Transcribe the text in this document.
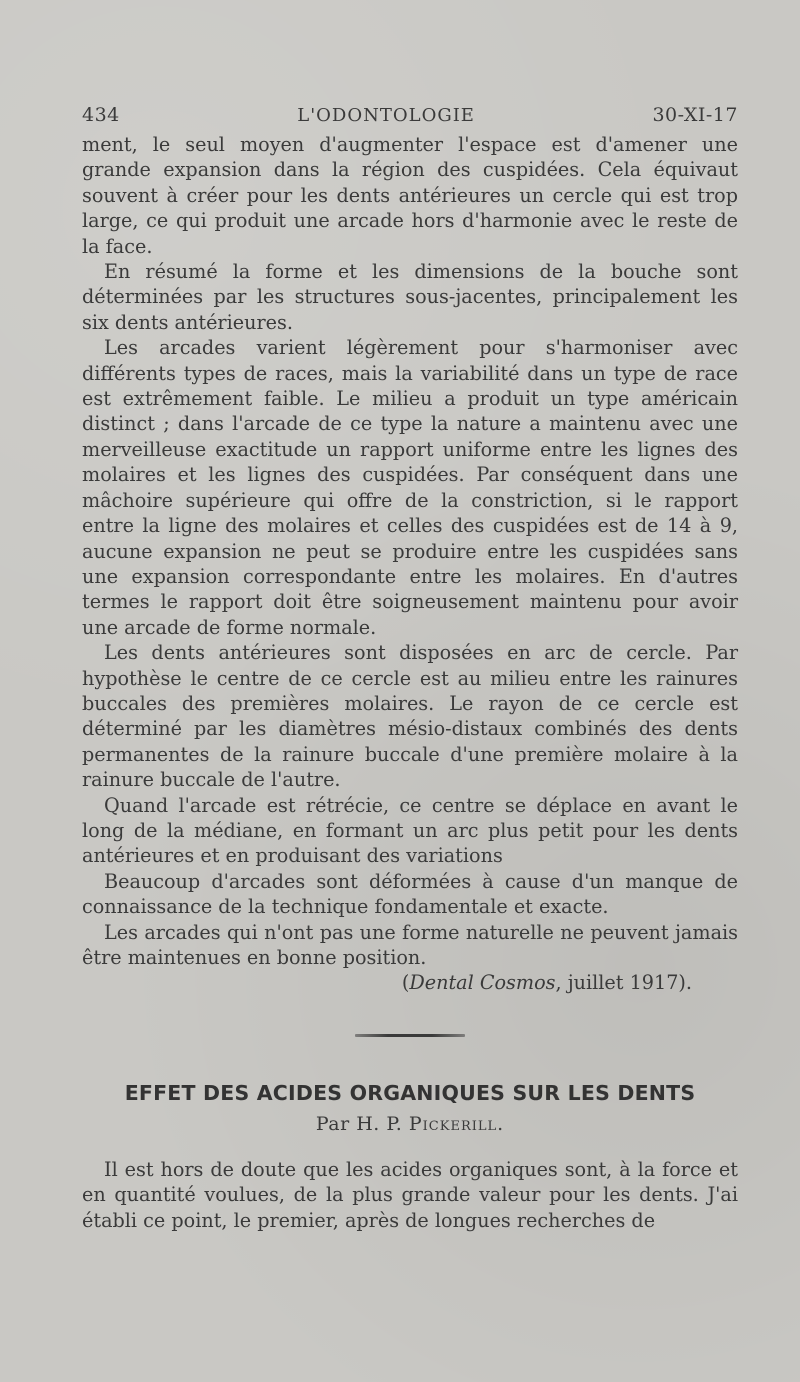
434	L'ODONTOLOGIE	30-XI-17

ment, le seul moyen d'augmenter l'espace est d'amener une grande expansion dans la région des cuspidées. Cela équivaut souvent à créer pour les dents antérieures un cercle qui est trop large, ce qui produit une arcade hors d'harmonie avec le reste de la face.

En résumé la forme et les dimensions de la bouche sont déterminées par les structures sous-jacentes, principalement les six dents antérieures.

Les arcades varient légèrement pour s'harmoniser avec différents types de races, mais la variabilité dans un type de race est extrêmement faible. Le milieu a produit un type américain distinct ; dans l'arcade de ce type la nature a maintenu avec une merveilleuse exactitude un rapport uniforme entre les lignes des molaires et les lignes des cuspidées. Par conséquent dans une mâchoire supérieure qui offre de la constriction, si le rapport entre la ligne des molaires et celles des cuspidées est de 14 à 9, aucune expansion ne peut se produire entre les cuspidées sans une expansion correspondante entre les molaires. En d'autres termes le rapport doit être soigneusement maintenu pour avoir une arcade de forme normale.

Les dents antérieures sont disposées en arc de cercle. Par hypothèse le centre de ce cercle est au milieu entre les rainures buccales des premières molaires. Le rayon de ce cercle est déterminé par les diamètres mésio-distaux combinés des dents permanentes de la rainure buccale d'une première molaire à la rainure buccale de l'autre.

Quand l'arcade est rétrécie, ce centre se déplace en avant le long de la médiane, en formant un arc plus petit pour les dents antérieures et en produisant des variations

Beaucoup d'arcades sont déformées à cause d'un manque de connaissance de la technique fondamentale et exacte.

Les arcades qui n'ont pas une forme naturelle ne peuvent jamais être maintenues en bonne position.

(Dental Cosmos, juillet 1917).
EFFET DES ACIDES ORGANIQUES SUR LES DENTS
Par H. P. Pickerill.

Il est hors de doute que les acides organiques sont, à la force et en quantité voulues, de la plus grande valeur pour les dents. J'ai établi ce point, le premier, après de longues recherches de
